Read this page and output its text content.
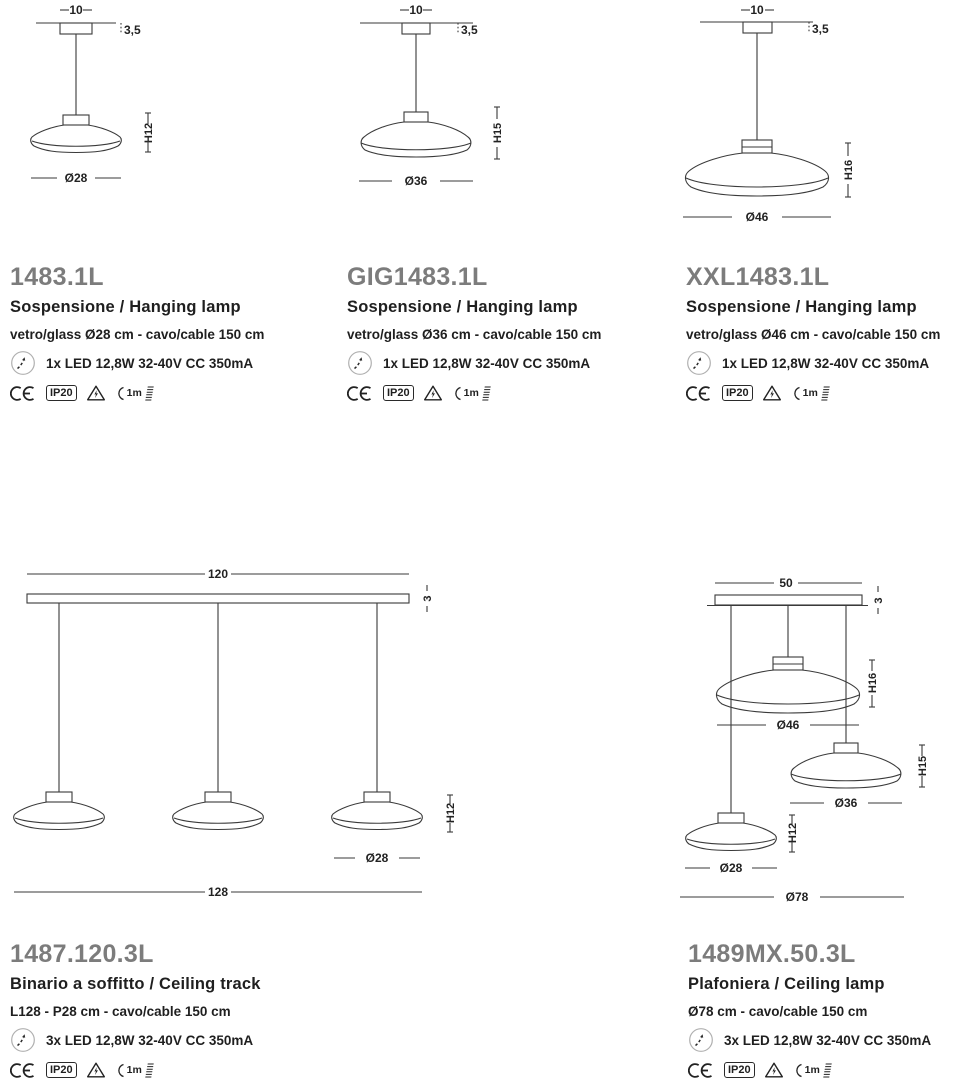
10
3,5
Ø28
H12
10
3,5
Ø36
H15
10
3,5
Ø46
H16
120
3
H12
Ø28
128
50
3
H16
Ø46
H15
Ø36
H12
Ø28
Ø78
1483.1L
Sospensione / Hanging lamp
vetro/glass Ø28 cm - cavo/cable 150 cm
1x LED 12,8W 32-40V CC 350mA
IP20	1m
GIG1483.1L
Sospensione / Hanging lamp
vetro/glass Ø36 cm - cavo/cable 150 cm
1x LED 12,8W 32-40V CC 350mA
IP20	1m
XXL1483.1L
Sospensione / Hanging lamp
vetro/glass Ø46 cm - cavo/cable 150 cm
1x LED 12,8W 32-40V CC 350mA
IP20	1m
1487.120.3L
Binario a soffitto / Ceiling track
L128 - P28 cm - cavo/cable 150 cm
3x LED 12,8W 32-40V CC 350mA
IP20	1m
1489MX.50.3L
Plafoniera / Ceiling lamp
Ø78 cm - cavo/cable 150 cm
3x LED 12,8W 32-40V CC 350mA
IP20	1m
